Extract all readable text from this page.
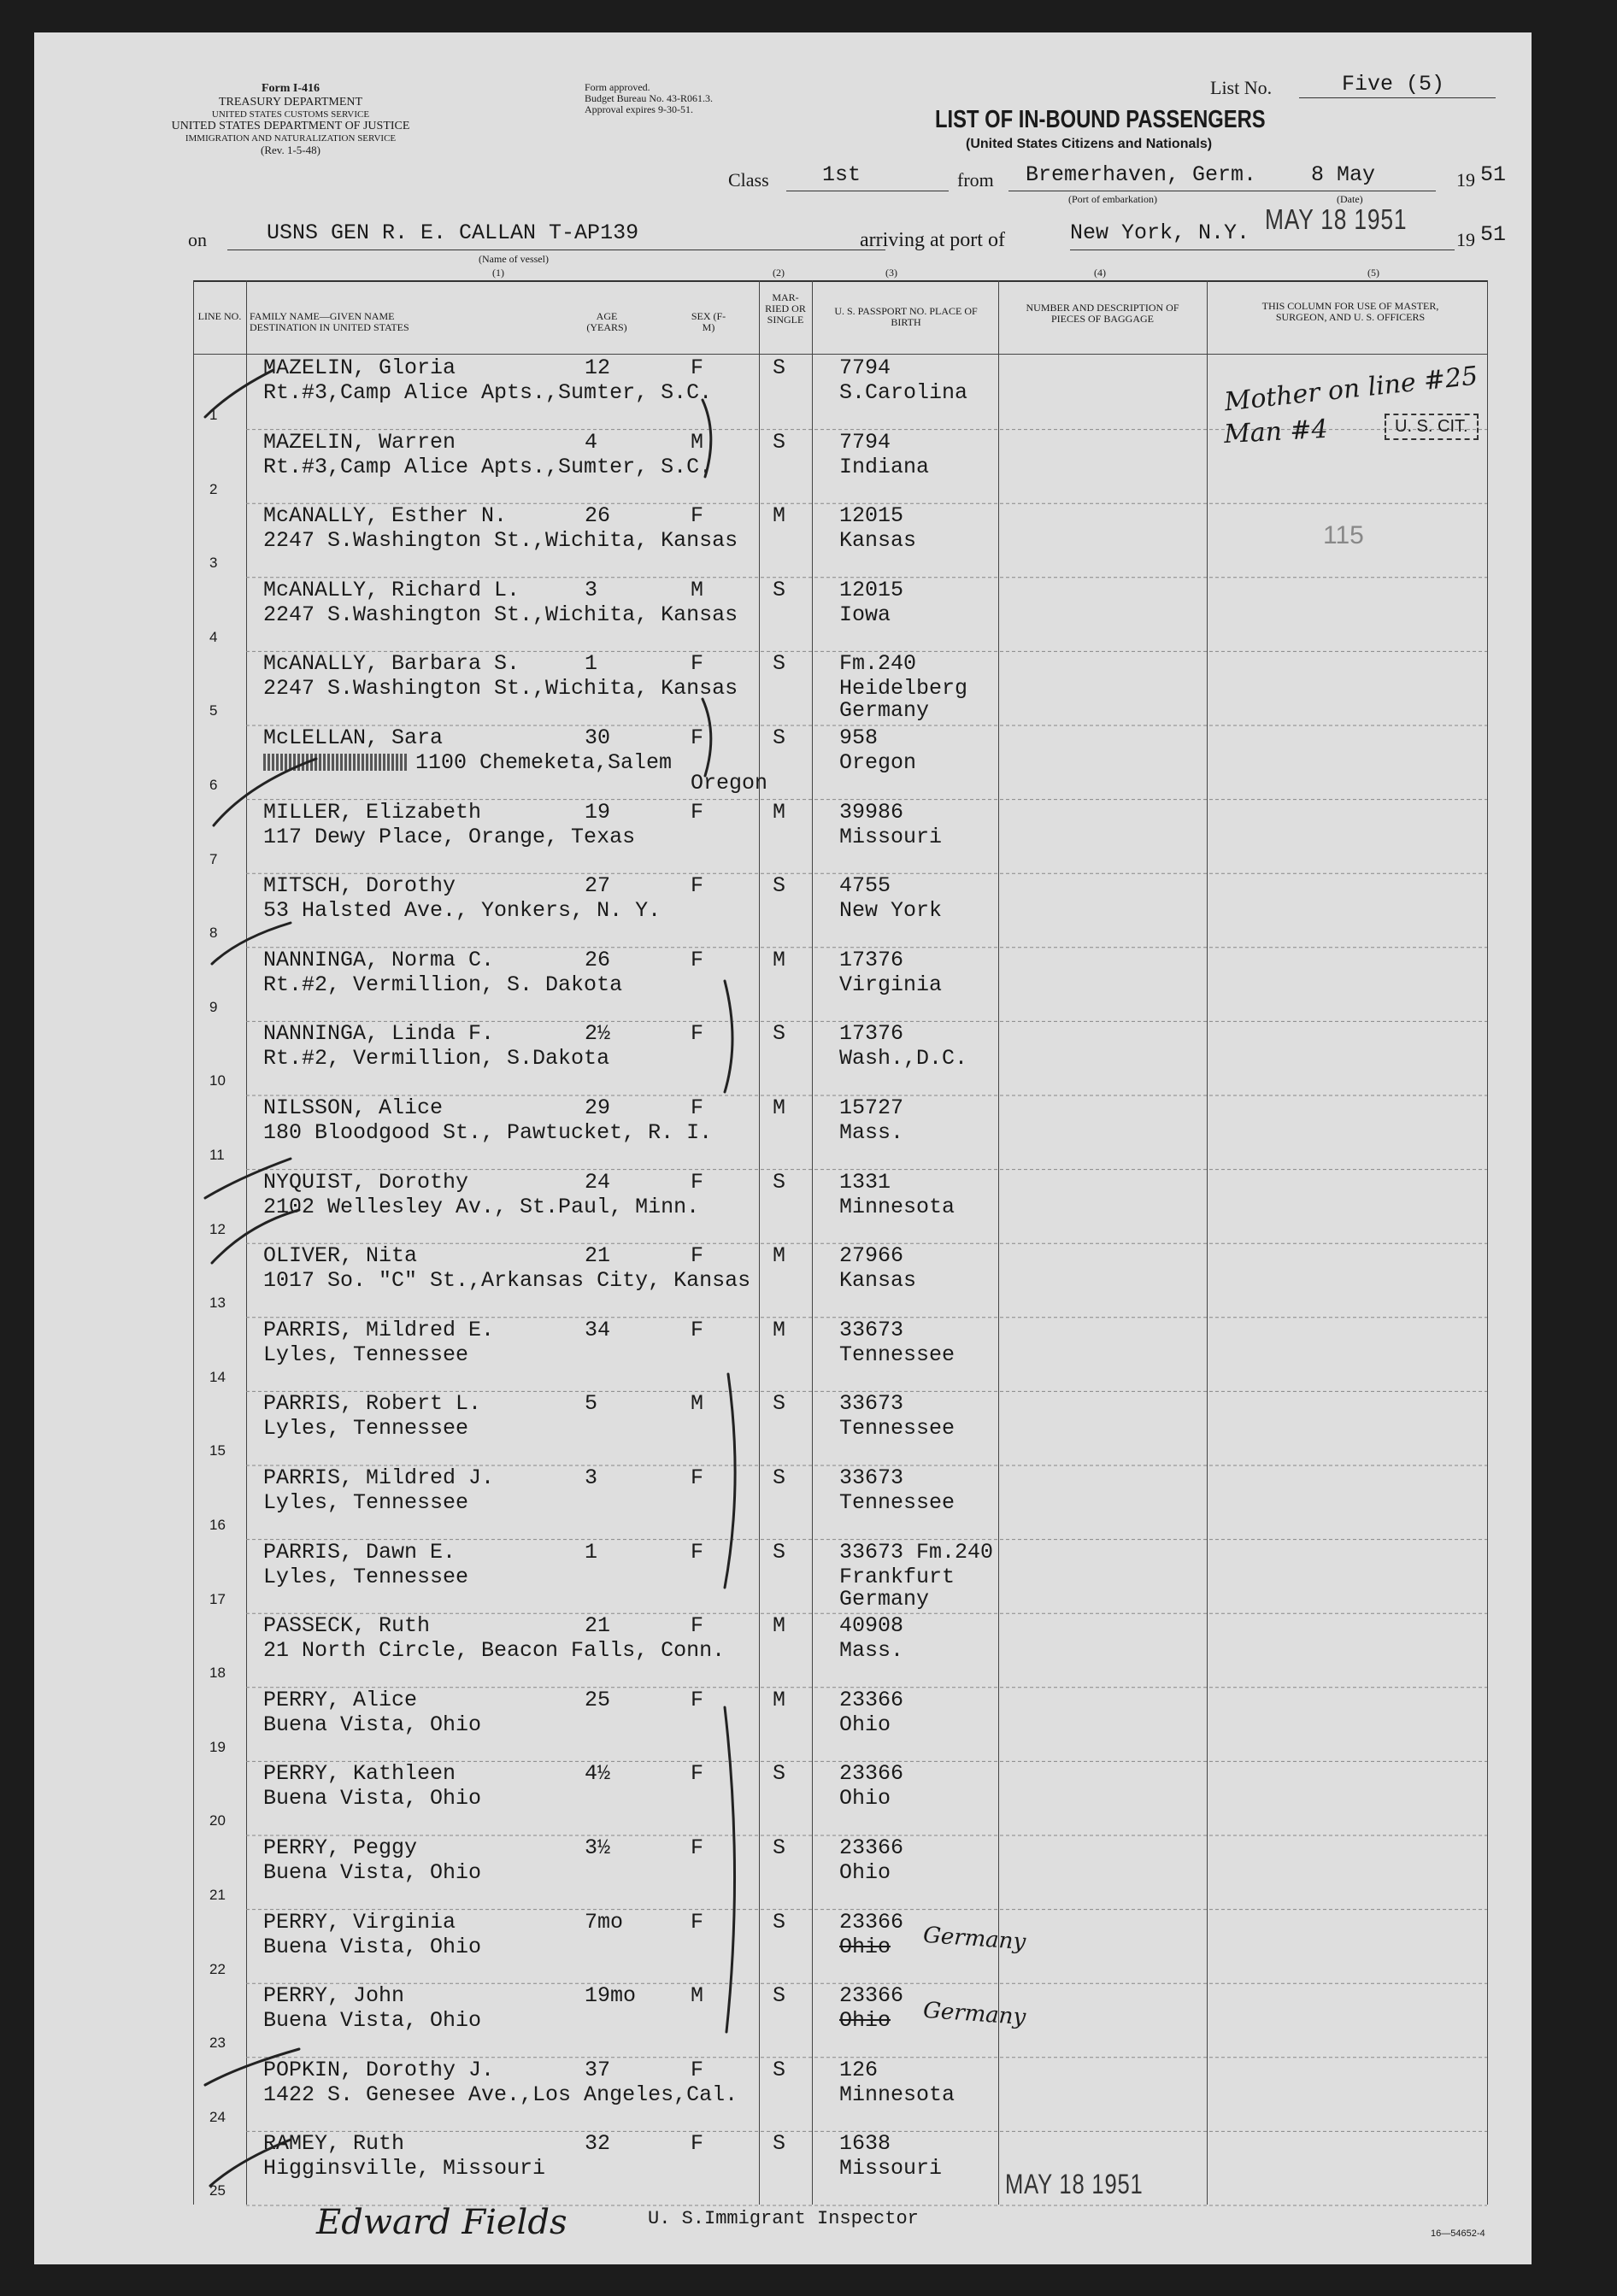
Form I-416
TREASURY DEPARTMENT
UNITED STATES CUSTOMS SERVICE
UNITED STATES DEPARTMENT OF JUSTICE
IMMIGRATION AND NATURALIZATION SERVICE
(Rev. 1-5-48)
Form approved.
Budget Bureau No. 43-R061.3.
Approval expires 9-30-51.
List No.	Five (5)
LIST OF IN-BOUND PASSENGERS
(United States Citizens and Nationals)
Class 1st	from Bremerhaven, Germ.	8 May
(Port of embarkation)	(Date)
19 51
on	USNS GEN R. E. CALLAN T-AP139
(Name of vessel)
arriving at port of	New York, N.Y. MAY 18 1951
19 51
(1)	(2)	(3)	(4)	(5)
LINE NO. FAMILY NAME—GIVEN NAME DESTINATION IN UNITED STATES
AGE (YEARS)
SEX (F-M)
MAR-RIED OR SINGLE
U. S. PASSPORT NO. PLACE OF BIRTH
NUMBER AND DESCRIPTION OF PIECES OF BAGGAGE
THIS COLUMN FOR USE OF MASTER, SURGEON, AND U. S. OFFICERS
MAZELIN, Gloria
Rt.#3,Camp Alice Apts.,Sumter, S.C.
12	F	S	7794
S.Carolina
1
MAZELIN, Warren
Rt.#3,Camp Alice Apts.,Sumter, S.C.
4	M	S	7794
Indiana
2
McANALLY, Esther N.
2247 S.Washington St.,Wichita, Kansas
26	F	M	12015
Kansas
3
McANALLY, Richard L.
2247 S.Washington St.,Wichita, Kansas
3	M	S	12015
Iowa
4
McANALLY, Barbara S.
2247 S.Washington St.,Wichita, Kansas
1	F	S	Fm.240
Heidelberg
Germany
5
McLELLAN, Sara
1100 Chemeketa,Salem
Oregon
30	F	S	958
Oregon
6
MILLER, Elizabeth
117 Dewy Place, Orange, Texas
19	F	M	39986
Missouri
7
MITSCH, Dorothy
53 Halsted Ave., Yonkers, N. Y.
27	F	S	4755
New York
8
NANNINGA, Norma C.
Rt.#2, Vermillion, S. Dakota
26	F	M	17376
Virginia
9
NANNINGA, Linda F.
Rt.#2, Vermillion, S.Dakota
2½	F	S	17376
Wash.,D.C.
10
NILSSON, Alice
180 Bloodgood St., Pawtucket, R. I.
29	F	M	15727
Mass.
11
NYQUIST, Dorothy
2102 Wellesley Av., St.Paul, Minn.
24	F	S	1331
Minnesota
12
OLIVER, Nita
1017 So. "C" St.,Arkansas City, Kansas
21	F	M	27966
Kansas
13
PARRIS, Mildred E.
Lyles, Tennessee
34	F	M	33673
Tennessee
14
PARRIS, Robert L.
Lyles, Tennessee
5	M	S	33673
Tennessee
15
PARRIS, Mildred J.
Lyles, Tennessee
3	F	S	33673
Tennessee
16
PARRIS, Dawn E.
Lyles, Tennessee
1	F	S	33673 Fm.240
Frankfurt
Germany
17
PASSECK, Ruth
21 North Circle, Beacon Falls, Conn.
21	F	M	40908
Mass.
18
PERRY, Alice
Buena Vista, Ohio
25	F	M	23366
Ohio
19
PERRY, Kathleen
Buena Vista, Ohio
4½	F	S	23366
Ohio
20
PERRY, Peggy
Buena Vista, Ohio
3½	F	S	23366
Ohio
21
PERRY, Virginia
Buena Vista, Ohio
7mo	F	S	23366
Ohio Germany
22
PERRY, John
Buena Vista, Ohio
19mo	M	S	23366
Ohio Germany
23
POPKIN, Dorothy J.
1422 S. Genesee Ave.,Los Angeles,Cal.
37	F	S	126
Minnesota
24
RAMEY, Ruth
Higginsville, Missouri
32	F	S	1638
Missouri
25
Mother on line #25
Man #4	U. S. CIT.
115
Edward Fields	U. S.Immigrant Inspector
MAY 18 1951
16—54652-4
